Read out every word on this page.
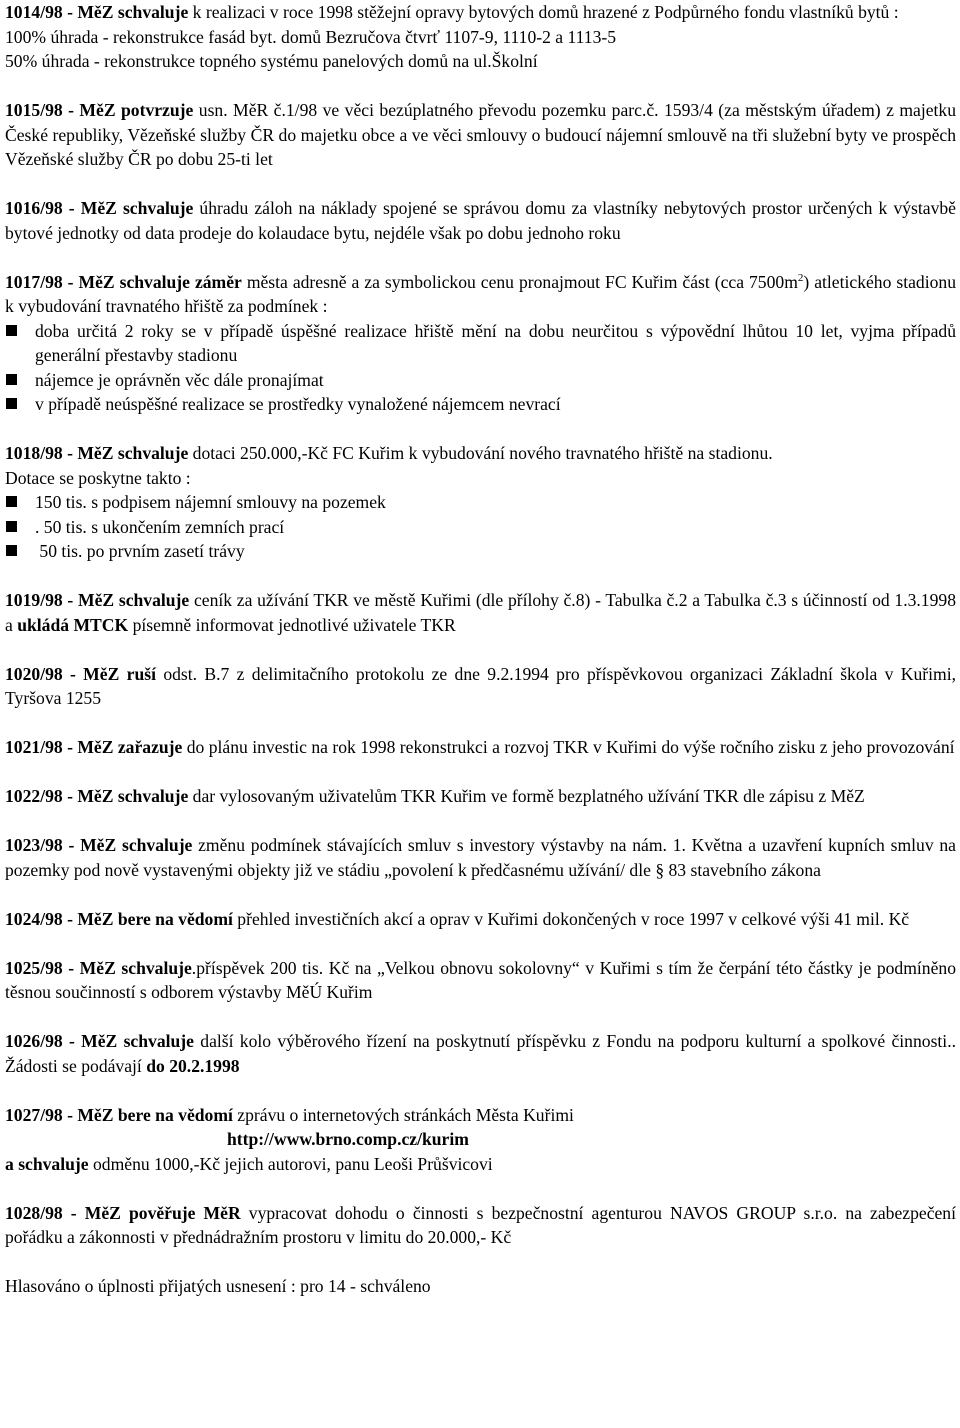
1014/98 - MěZ schvaluje k realizaci v roce 1998 stěžejní opravy bytových domů hrazené z Podpůrného fondu vlastníků bytů :

100% úhrada - rekonstrukce fasád byt. domů Bezručova čtvrť 1107-9, 1110-2 a 1113-5

50% úhrada - rekonstrukce topného systému panelových domů na ul.Školní

1015/98 - MěZ potvrzuje usn. MěR č.1/98 ve věci bezúplatného převodu pozemku parc.č. 1593/4 (za městským úřadem) z majetku České republiky, Vězeňské služby ČR do majetku obce a ve věci smlouvy o budoucí nájemní smlouvě na tři služební byty ve prospěch Vězeňské služby ČR po dobu 25-ti let

1016/98 - MěZ schvaluje úhradu záloh na náklady spojené se správou domu za vlastníky nebytových prostor určených k výstavbě bytové jednotky od data prodeje do kolaudace bytu, nejdéle však po dobu jednoho roku

1017/98 - MěZ schvaluje záměr města adresně a za symbolickou cenu pronajmout FC Kuřim část (cca $7500m^2$) atletického stadionu k vybudování travnatého hřiště za podmínek :

doba určitá 2 roky se v případě úspěšné realizace hřiště mění na dobu neurčitou s výpovědní lhůtou 10 let, vyjma případů generální přestavby stadionu
nájemce je oprávněn věc dále pronajímat
v případě neúspěšné realizace se prostředky vynaložené nájemcem nevrací

1018/98 - MěZ schvaluje dotaci 250.000,-Kč FC Kuřim k vybudování nového travnatého hřiště na stadionu.

Dotace se poskytne takto :

150 tis. s podpisem nájemní smlouvy na pozemek
. 50 tis. s ukončením zemních prací
50 tis. po prvním zasetí trávy

1019/98 - MěZ schvaluje ceník za užívání TKR ve městě Kuřimi (dle přílohy č.8) - Tabulka č.2 a Tabulka č.3 s účinností od 1.3.1998 a ukládá MTCK písemně informovat jednotlivé uživatele TKR

1020/98 - MěZ ruší odst. B.7 z delimitačního protokolu ze dne 9.2.1994 pro příspěvkovou organizaci Základní škola v Kuřimi, Tyršova 1255

1021/98 - MěZ zařazuje do plánu investic na rok 1998 rekonstrukci a rozvoj TKR v Kuřimi do výše ročního zisku z jeho provozování

1022/98 - MěZ schvaluje dar vylosovaným uživatelům TKR Kuřim ve formě bezplatného užívání TKR dle zápisu z MěZ

1023/98 - MěZ schvaluje změnu podmínek stávajících smluv s investory výstavby na nám. 1. Května a uzavření kupních smluv na pozemky pod nově vystavenými objekty již ve stádiu „povolení k předčasnému užívání/ dle § 83 stavebního zákona

1024/98 - MěZ bere na vědomí přehled investičních akcí a oprav v Kuřimi dokončených v roce 1997 v celkové výši 41 mil. Kč

1025/98 - MěZ schvaluje.příspěvek 200 tis. Kč na „Velkou obnovu sokolovny“ v Kuřimi s tím že čerpání této částky je podmíněno těsnou součinností s odborem výstavby MěÚ Kuřim

1026/98 - MěZ schvaluje další kolo výběrového řízení na poskytnutí příspěvku z Fondu na podporu kulturní a spolkové činnosti.. Žádosti se podávají do 20.2.1998

1027/98 - MěZ bere na vědomí zprávu o internetových stránkách Města Kuřimi

http://www.brno.comp.cz/kurim

a schvaluje odměnu 1000,-Kč jejich autorovi, panu Leoši Průšvicovi

1028/98 - MěZ pověřuje MěR vypracovat dohodu o činnosti s bezpečnostní agenturou NAVOS GROUP s.r.o. na zabezpečení pořádku a zákonnosti v přednádražním prostoru v limitu do 20.000,- Kč

Hlasováno o úplnosti přijatých usnesení : pro 14 - schváleno
